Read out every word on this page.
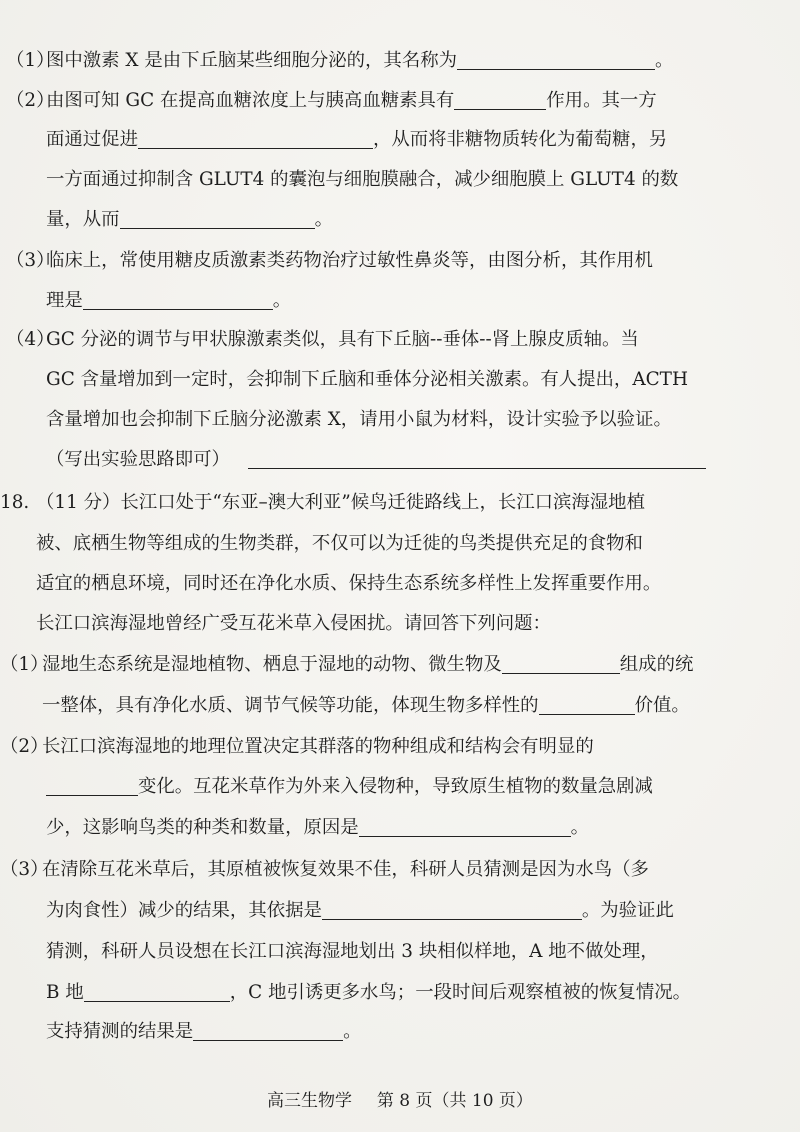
（1）
图中激素 X 是由下丘脑某些细胞分泌的，其名称为	。
（2）
由图可知 GC 在提高血糖浓度上与胰高血糖素具有	作用。其一方
面通过促进	，从而将非糖物质转化为葡萄糖，另
一方面通过抑制含 GLUT4 的囊泡与细胞膜融合，减少细胞膜上 GLUT4 的数
量，从而	。
（3）
临床上，常使用糖皮质激素类药物治疗过敏性鼻炎等，由图分析，其作用机
理是	。
（4）
GC 分泌的调节与甲状腺激素类似，具有下丘脑--垂体--肾上腺皮质轴。当
GC 含量增加到一定时，会抑制下丘脑和垂体分泌相关激素。有人提出，ACTH
含量增加也会抑制下丘脑分泌激素 X，请用小鼠为材料，设计实验予以验证。
（写出实验思路即可）
18. （11 分）长江口处于“东亚–澳大利亚”候鸟迁徙路线上，长江口滨海湿地植
被、底栖生物等组成的生物类群，不仅可以为迁徙的鸟类提供充足的食物和
适宜的栖息环境，同时还在净化水质、保持生态系统多样性上发挥重要作用。
长江口滨海湿地曾经广受互花米草入侵困扰。请回答下列问题：
（1）
湿地生态系统是湿地植物、栖息于湿地的动物、微生物及	组成的统
一整体，具有净化水质、调节气候等功能，体现生物多样性的	价值。
（2）
长江口滨海湿地的地理位置决定其群落的物种组成和结构会有明显的
变化。互花米草作为外来入侵物种，导致原生植物的数量急剧减
少，这影响鸟类的种类和数量，原因是	。
（3）
在清除互花米草后，其原植被恢复效果不佳，科研人员猜测是因为水鸟（多
为肉食性）减少的结果，其依据是	。为验证此
猜测，科研人员设想在长江口滨海湿地划出 3 块相似样地，A 地不做处理，
B 地	，C 地引诱更多水鸟；一段时间后观察植被的恢复情况。
支持猜测的结果是	。
高三生物学 第 8 页（共 10 页）
